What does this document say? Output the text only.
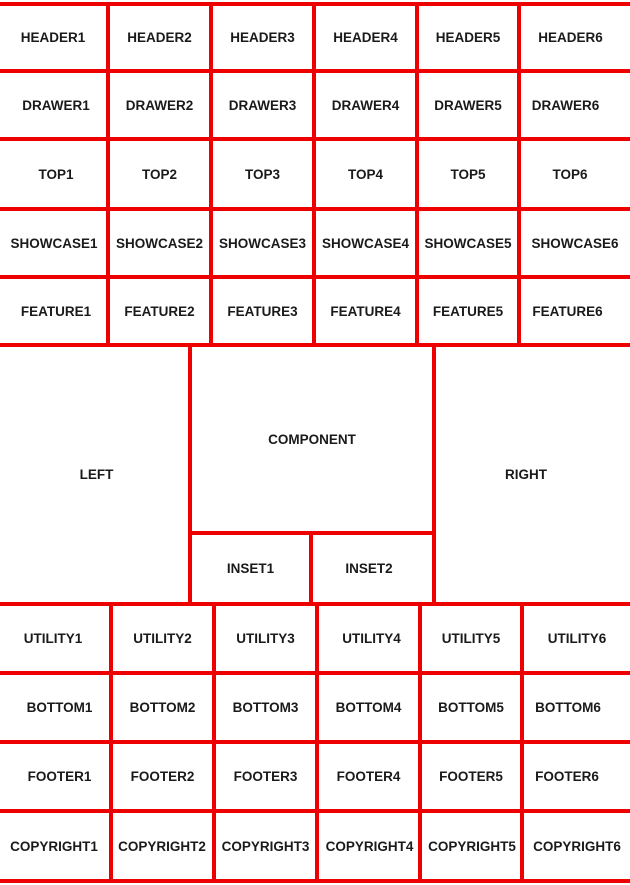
HEADER1	HEADER2	HEADER3	HEADER4	HEADER5	HEADER6
DRAWER1	DRAWER2	DRAWER3	DRAWER4	DRAWER5	DRAWER6
TOP1	TOP2	TOP3	TOP4	TOP5	TOP6
SHOWCASE1	SHOWCASE2	SHOWCASE3	SHOWCASE4	SHOWCASE5	SHOWCASE6
FEATURE1	FEATURE2	FEATURE3	FEATURE4	FEATURE5	FEATURE6
LEFT
COMPONENT
INSET1	INSET2
RIGHT
UTILITY1	UTILITY2	UTILITY3	UTILITY4	UTILITY5	UTILITY6
BOTTOM1	BOTTOM2	BOTTOM3	BOTTOM4	BOTTOM5	BOTTOM6
FOOTER1	FOOTER2	FOOTER3	FOOTER4	FOOTER5	FOOTER6
COPYRIGHT1	COPYRIGHT2	COPYRIGHT3	COPYRIGHT4	COPYRIGHT5	COPYRIGHT6
